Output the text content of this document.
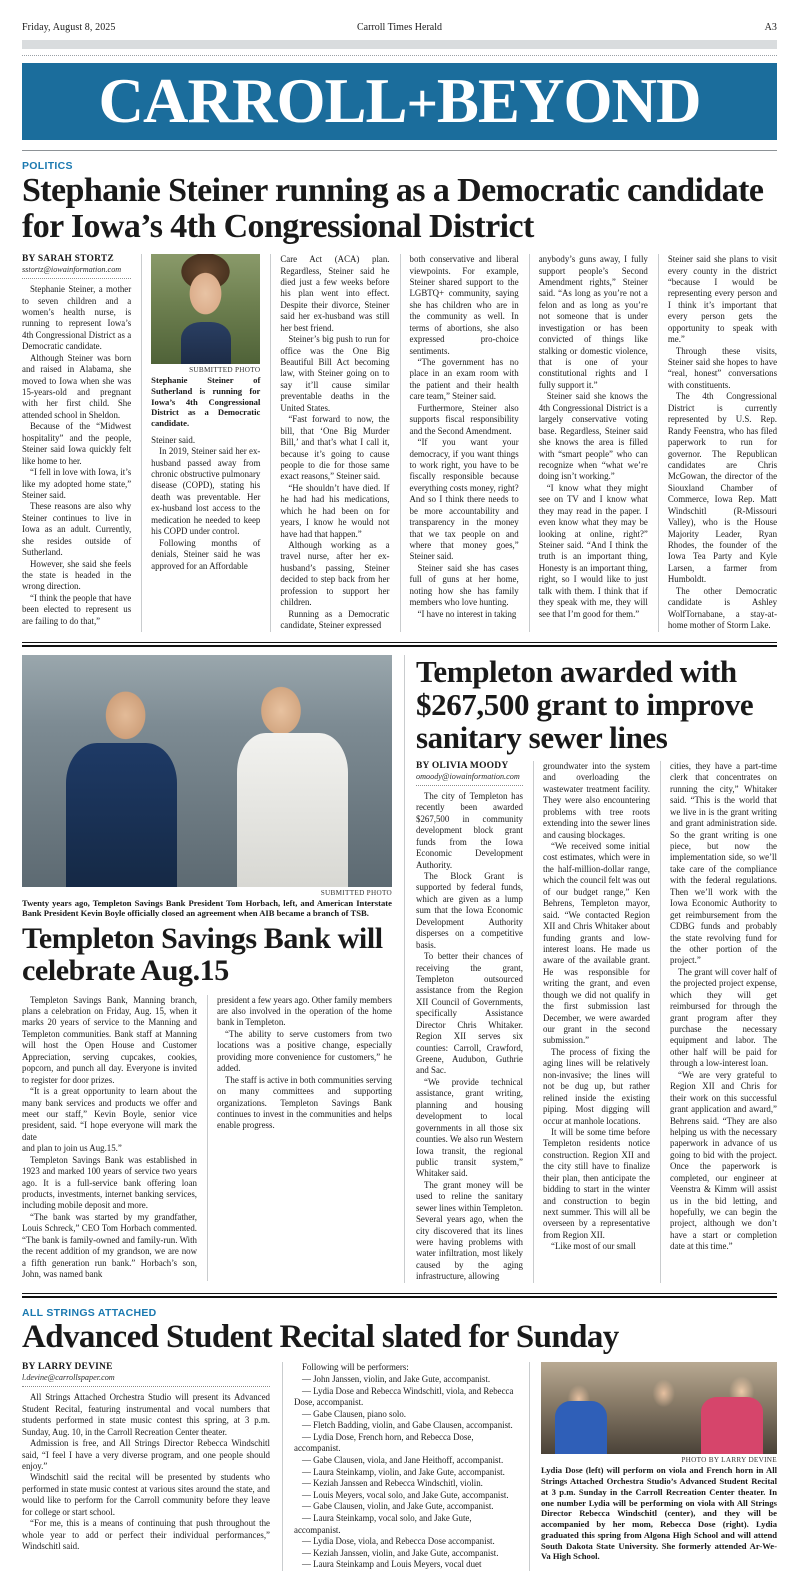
Friday, August 8, 2025	A3
Carroll Times Herald
CARROLL+BEYOND
POLITICS
Stephanie Steiner running as a Democratic candidate for Iowa’s 4th Congressional District
BY SARAH STORTZ
sstortz@iowainformation.com

Stephanie Steiner, a mother to seven children and a women’s health nurse, is running to represent Iowa’s 4th Congressional District as a Democratic candidate.

Although Steiner was born and raised in Alabama, she moved to Iowa when she was 15-years-old and pregnant with her first child. She attended school in Sheldon.

Because of the “Midwest hospitality” and the people, Steiner said Iowa quickly felt like home to her.

“I fell in love with Iowa, it’s like my adopted home state,” Steiner said.

These reasons are also why Steiner continues to live in Iowa as an adult. Currently, she resides outside of Sutherland.

However, she said she feels the state is headed in the wrong direction.

“I think the people that have been elected to represent us are failing to do that,”

SUBMITTED PHOTO
Stephanie Steiner of Sutherland is running for Iowa’s 4th Congressional District as a Democratic candidate.

Steiner said.

In 2019, Steiner said her ex-husband passed away from chronic obstructive pulmonary disease (COPD), stating his death was preventable. Her ex-husband lost access to the medication he needed to keep his COPD under control.

Following months of denials, Steiner said he was approved for an Affordable

Care Act (ACA) plan. Regardless, Steiner said he died just a few weeks before his plan went into effect. Despite their divorce, Steiner said her ex-husband was still her best friend.

Steiner’s big push to run for office was the One Big Beautiful Bill Act becoming law, with Steiner going on to say it’ll cause similar preventable deaths in the United States.

“Fast forward to now, the bill, that ‘One Big Murder Bill,’ and that’s what I call it, because it’s going to cause people to die for those same exact reasons,” Steiner said.

“He shouldn’t have died. If he had had his medications, which he had been on for years, I know he would not have had that happen.”

Although working as a travel nurse, after her ex-husband’s passing, Steiner decided to step back from her profession to support her children.

Running as a Democratic candidate, Steiner expressed

both conservative and liberal viewpoints. For example, Steiner shared support to the LGBTQ+ community, saying she has children who are in the community as well. In terms of abortions, she also expressed pro-choice sentiments.

“The government has no place in an exam room with the patient and their health care team,” Steiner said.

Furthermore, Steiner also supports fiscal responsibility and the Second Amendment.

“If you want your democracy, if you want things to work right, you have to be fiscally responsible because everything costs money, right? And so I think there needs to be more accountability and transparency in the money that we tax people on and where that money goes,” Steiner said.

Steiner said she has cases full of guns at her home, noting how she has family members who love hunting.

“I have no interest in taking

anybody’s guns away, I fully support people’s Second Amendment rights,” Steiner said. “As long as you’re not a felon and as long as you’re not someone that is under investigation or has been convicted of things like stalking or domestic violence, that is one of your constitutional rights and I fully support it.”

Steiner said she knows the 4th Congressional District is a largely conservative voting base. Regardless, Steiner said she knows the area is filled with “smart people” who can recognize when “what we’re doing isn’t working.”

“I know what they might see on TV and I know what they may read in the paper. I even know what they may be looking at online, right?” Steiner said. “And I think the truth is an important thing, Honesty is an important thing, right, so I would like to just talk with them. I think that if they speak with me, they will see that I’m good for them.”

Steiner said she plans to visit every county in the district “because I would be representing every person and I think it’s important that every person gets the opportunity to speak with me.”

Through these visits, Steiner said she hopes to have “real, honest” conversations with constituents.

The 4th Congressional District is currently represented by U.S. Rep. Randy Feenstra, who has filed paperwork to run for governor. The Republican candidates are Chris McGowan, the director of the Siouxland Chamber of Commerce, Iowa Rep. Matt Windschitl (R-Missouri Valley), who is the House Majority Leader, Ryan Rhodes, the founder of the Iowa Tea Party and Kyle Larsen, a farmer from Humboldt.

The other Democratic candidate is Ashley WolfTornabane, a stay-at-home mother of Storm Lake.

SUBMITTED PHOTO
Twenty years ago, Templeton Savings Bank President Tom Horbach, left, and American Interstate Bank President Kevin Boyle officially closed an agreement when AIB became a branch of TSB.
Templeton Savings Bank will celebrate Aug.15

Templeton Savings Bank, Manning branch, plans a celebration on Friday, Aug. 15, when it marks 20 years of service to the Manning and Templeton communities. Bank staff at Manning will host the Open House and Customer Appreciation, serving cupcakes, cookies, popcorn, and punch all day. Everyone is invited to register for door prizes.

“It is a great opportunity to learn about the many bank services and products we offer and meet our staff,” Kevin Boyle, senior vice president, said. “I hope everyone will mark the date

and plan to join us Aug.15.”

Templeton Savings Bank was established in 1923 and marked 100 years of service two years ago. It is a full-service bank offering loan products, investments, internet banking services, including mobile deposit and more.

“The bank was started by my grandfather, Louis Schreck,” CEO Tom Horbach commented. “The bank is family-owned and family-run. With the recent addition of my grandson, we are now a fifth generation run bank.” Horbach’s son, John, was named bank

president a few years ago. Other family members are also involved in the operation of the home bank in Templeton.

“The ability to serve customers from two locations was a positive change, especially providing more convenience for customers,” he added.

The staff is active in both communities serving on many committees and supporting organizations. Templeton Savings Bank continues to invest in the communities and helps enable progress.

Templeton awarded with $267,500 grant to improve sanitary sewer lines
BY OLIVIA MOODY
omoody@iowainformation.com

The city of Templeton has recently been awarded $267,500 in community development block grant funds from the Iowa Economic Development Authority.

The Block Grant is supported by federal funds, which are given as a lump sum that the Iowa Economic Development Authority disperses on a competitive basis.

To better their chances of receiving the grant, Templeton outsourced assistance from the Region XII Council of Governments, specifically Assistance Director Chris Whitaker. Region XII serves six counties: Carroll, Crawford, Greene, Audubon, Guthrie and Sac.

“We provide technical assistance, grant writing, planning and housing development to local governments in all those six counties. We also run Western Iowa transit, the regional public transit system,” Whitaker said.

The grant money will be used to reline the sanitary sewer lines within Templeton. Several years ago, when the city discovered that its lines were having problems with water infiltration, most likely caused by the aging infrastructure, allowing

groundwater into the system and overloading the wastewater treatment facility. They were also encountering problems with tree roots extending into the sewer lines and causing blockages.

“We received some initial cost estimates, which were in the half-million-dollar range, which the council felt was out of our budget range,” Ken Behrens, Templeton mayor, said. “We contacted Region XII and Chris Whitaker about funding grants and low-interest loans. He made us aware of the available grant. He was responsible for writing the grant, and even though we did not qualify in the first submission last December, we were awarded our grant in the second submission.”

The process of fixing the aging lines will be relatively non-invasive; the lines will not be dug up, but rather relined inside the existing piping. Most digging will occur at manhole locations.

It will be some time before Templeton residents notice construction. Region XII and the city still have to finalize their plan, then anticipate the bidding to start in the winter and construction to begin next summer. This will all be overseen by a representative from Region XII.

“Like most of our small

cities, they have a part-time clerk that concentrates on running the city,” Whitaker said. “This is the world that we live in is the grant writing and grant administration side. So the grant writing is one piece, but now the implementation side, so we’ll take care of the compliance with the federal regulations. Then we’ll work with the Iowa Economic Authority to get reimbursement from the CDBG funds and probably the state revolving fund for the other portion of the project.”

The grant will cover half of the projected project expense, which they will get reimbursed for through the grant program after they purchase the necessary equipment and labor. The other half will be paid for through a low-interest loan.

“We are very grateful to Region XII and Chris for their work on this successful grant application and award,” Behrens said. “They are also helping us with the necessary paperwork in advance of us going to bid with the project. Once the paperwork is completed, our engineer at Veenstra & Kimm will assist us in the bid letting, and hopefully, we can begin the project, although we don’t have a start or completion date at this time.”

ALL STRINGS ATTACHED
Advanced Student Recital slated for Sunday
BY LARRY DEVINE
l.devine@carrollspaper.com

All Strings Attached Orchestra Studio will present its Advanced Student Recital, featuring instrumental and vocal numbers that students performed in state music contest this spring, at 3 p.m. Sunday, Aug. 10, in the Carroll Recreation Center theater.

Admission is free, and All Strings Director Rebecca Windschitl said, “I feel I have a very diverse program, and one people should enjoy.”

Windschitl said the recital will be presented by students who performed in state music contest at various sites around the state, and would like to perform for the Carroll community before they leave for college or start school.

“For me, this is a means of continuing that push throughout the whole year to add or perfect their individual performances,” Windschitl said.

Following will be performers:

— John Janssen, violin, and Jake Gute, accompanist.

— Lydia Dose and Rebecca Windschitl, viola, and Rebecca Dose, accompanist.

— Gabe Clausen, piano solo.

— Fletch Badding, violin, and Gabe Clausen, accompanist.

— Lydia Dose, French horn, and Rebecca Dose, accompanist.

— Gabe Clausen, viola, and Jane Heithoff, accompanist.

— Laura Steinkamp, violin, and Jake Gute, accompanist.

— Keziah Janssen and Rebecca Windschitl, violin.

— Louis Meyers, vocal solo, and Jake Gute, accompanist.

— Gabe Clausen, violin, and Jake Gute, accompanist.

— Laura Steinkamp, vocal solo, and Jake Gute, accompanist.

— Lydia Dose, viola, and Rebecca Dose accompanist.

— Keziah Janssen, violin, and Jake Gute, accompanist.

— Laura Steinkamp and Louis Meyers, vocal duet

PHOTO BY LARRY DEVINE
Lydia Dose (left) will perform on viola and French horn in All Strings Attached Orchestra Studio’s Advanced Student Recital at 3 p.m. Sunday in the Carroll Recreation Center theater. In one number Lydia will be performing on viola with All Strings Director Rebecca Windschitl (center), and they will be accompanied by her mom, Rebecca Dose (right). Lydia graduated this spring from Algona High School and will attend South Dakota State University. She formerly attended Ar-We-Va High School.
